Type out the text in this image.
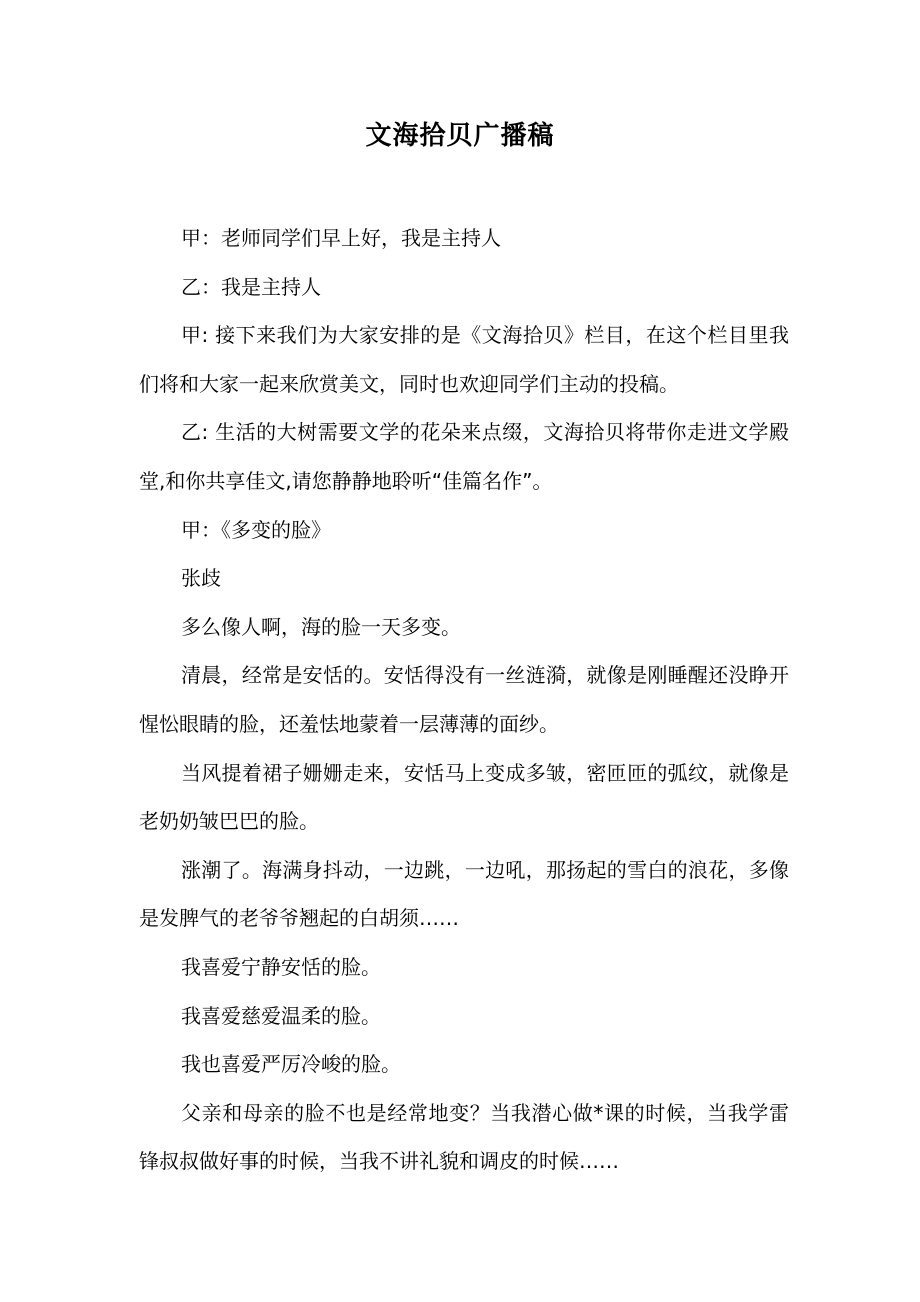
文海拾贝广播稿

甲：老师同学们早上好，我是主持人

乙：我是主持人

甲: 接下来我们为大家安排的是《文海拾贝》栏目，在这个栏目里我们将和大家一起来欣赏美文，同时也欢迎同学们主动的投稿。

乙: 生活的大树需要文学的花朵来点缀，文海拾贝将带你走进文学殿堂,和你共享佳文,请您静静地聆听“佳篇名作”。

甲：《多变的脸》

张歧

多么像人啊，海的脸一天多变。

清晨，经常是安恬的。安恬得没有一丝涟漪，就像是刚睡醒还没睁开惺忪眼睛的脸，还羞怯地蒙着一层薄薄的面纱。

当风提着裙子姗姗走来，安恬马上变成多皱，密匝匝的弧纹，就像是老奶奶皱巴巴的脸。

涨潮了。海满身抖动，一边跳，一边吼，那扬起的雪白的浪花，多像是发脾气的老爷爷翘起的白胡须……

我喜爱宁静安恬的脸。

我喜爱慈爱温柔的脸。

我也喜爱严厉冷峻的脸。

父亲和母亲的脸不也是经常地变？当我潜心做*课的时候，当我学雷锋叔叔做好事的时候，当我不讲礼貌和调皮的时候……
